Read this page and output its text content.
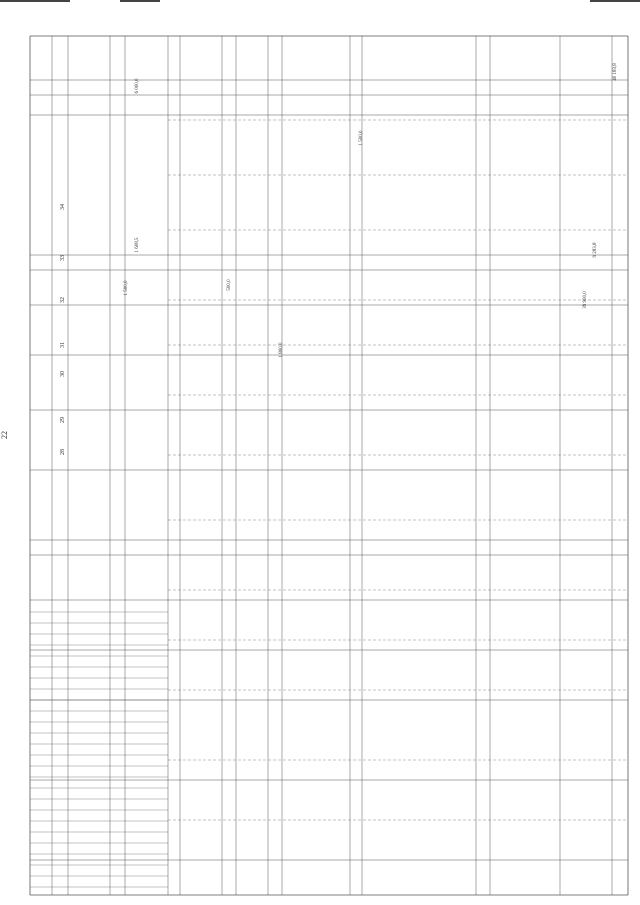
22
28
29
30
31
32
33
34
1 500,0
39 900,0
9 283,8
40 183,8
6 000,0
500,0
1 800,0
1 608,5
1 500,0
